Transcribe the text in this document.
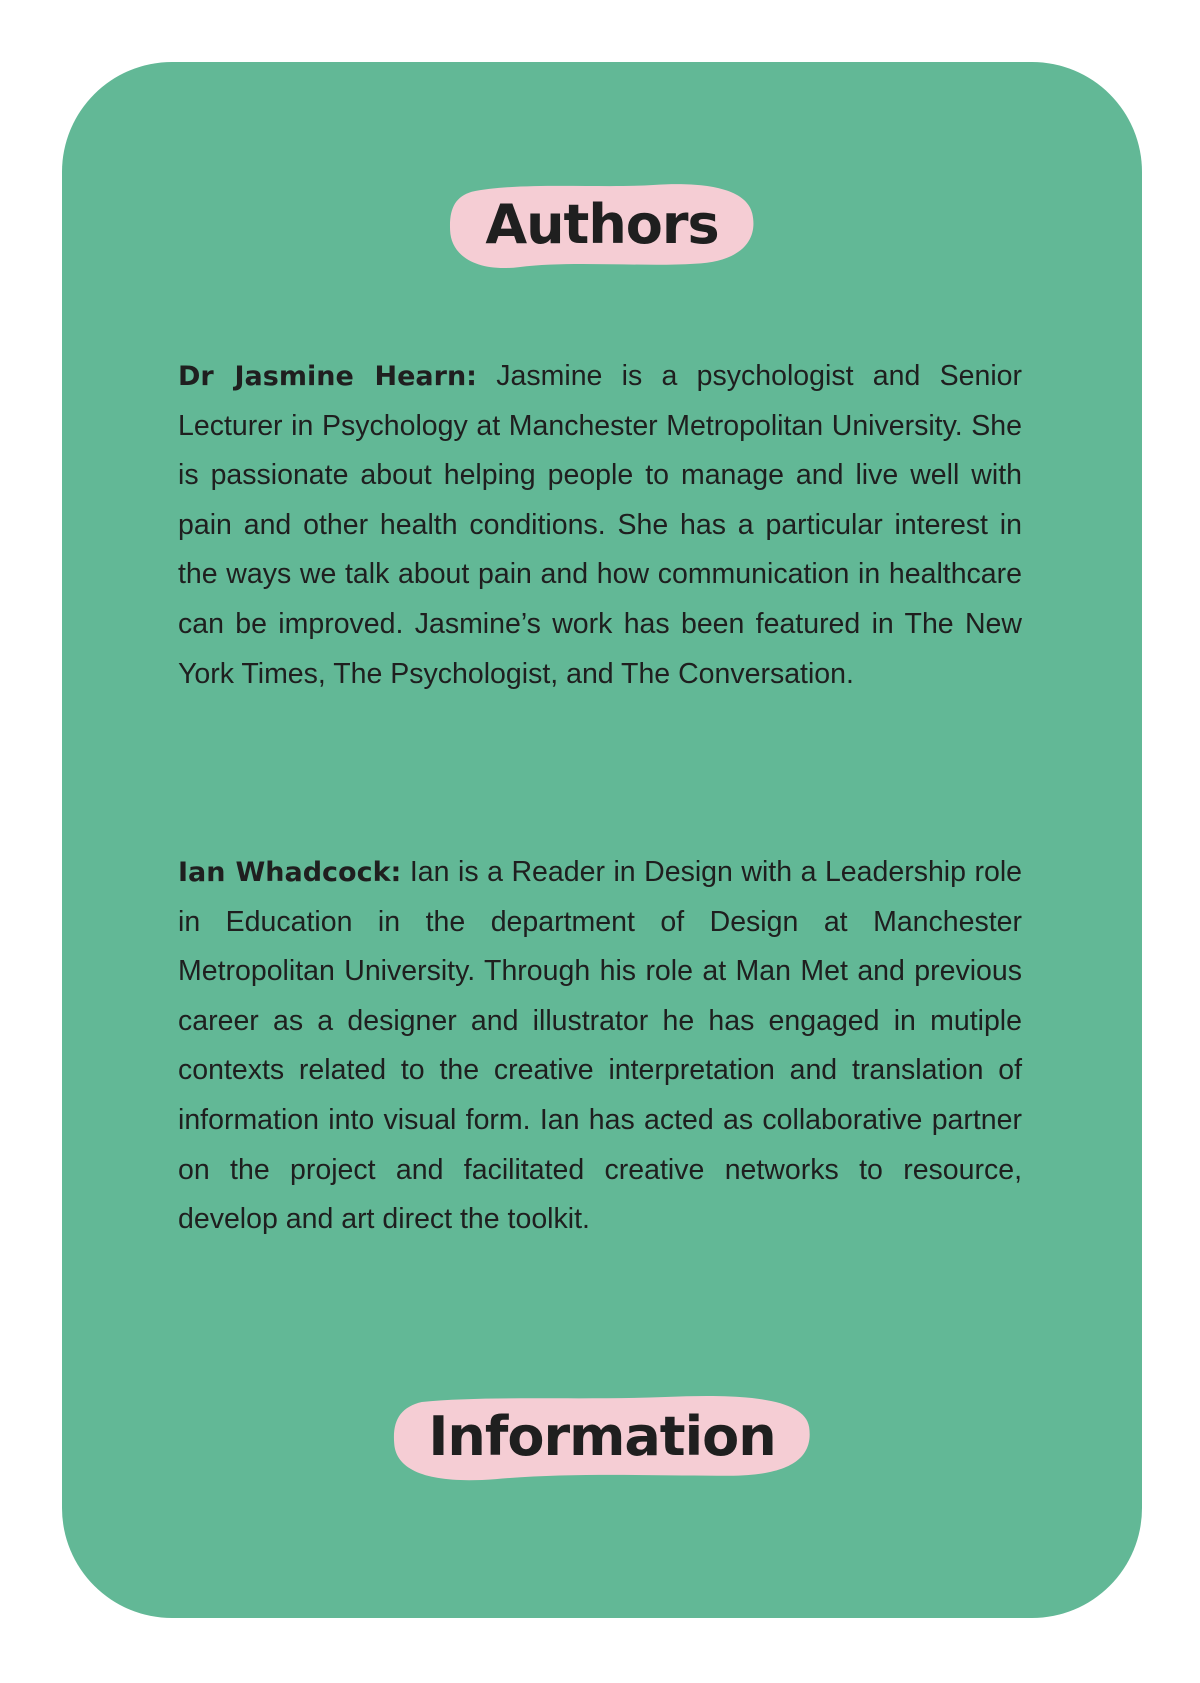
Authors

Dr Jasmine Hearn: Jasmine is a psychologist and Senior Lecturer in Psychology at Manchester Metropolitan University. She is passionate about helping people to manage and live well with pain and other health conditions. She has a particular interest in the ways we talk about pain and how communication in healthcare can be improved. Jasmine’s work has been featured in The New York Times, The Psychologist, and The Conversation.

Ian Whadcock: Ian is a Reader in Design with a Leadership role in Education in the department of Design at Manchester Metropolitan University. Through his role at Man Met and previous career as a designer and illustrator he has engaged in mutiple contexts related to the creative interpretation and translation of information into visual form. Ian has acted as collaborative partner on the project and facilitated creative networks to resource, develop and art direct the toolkit.

Information
